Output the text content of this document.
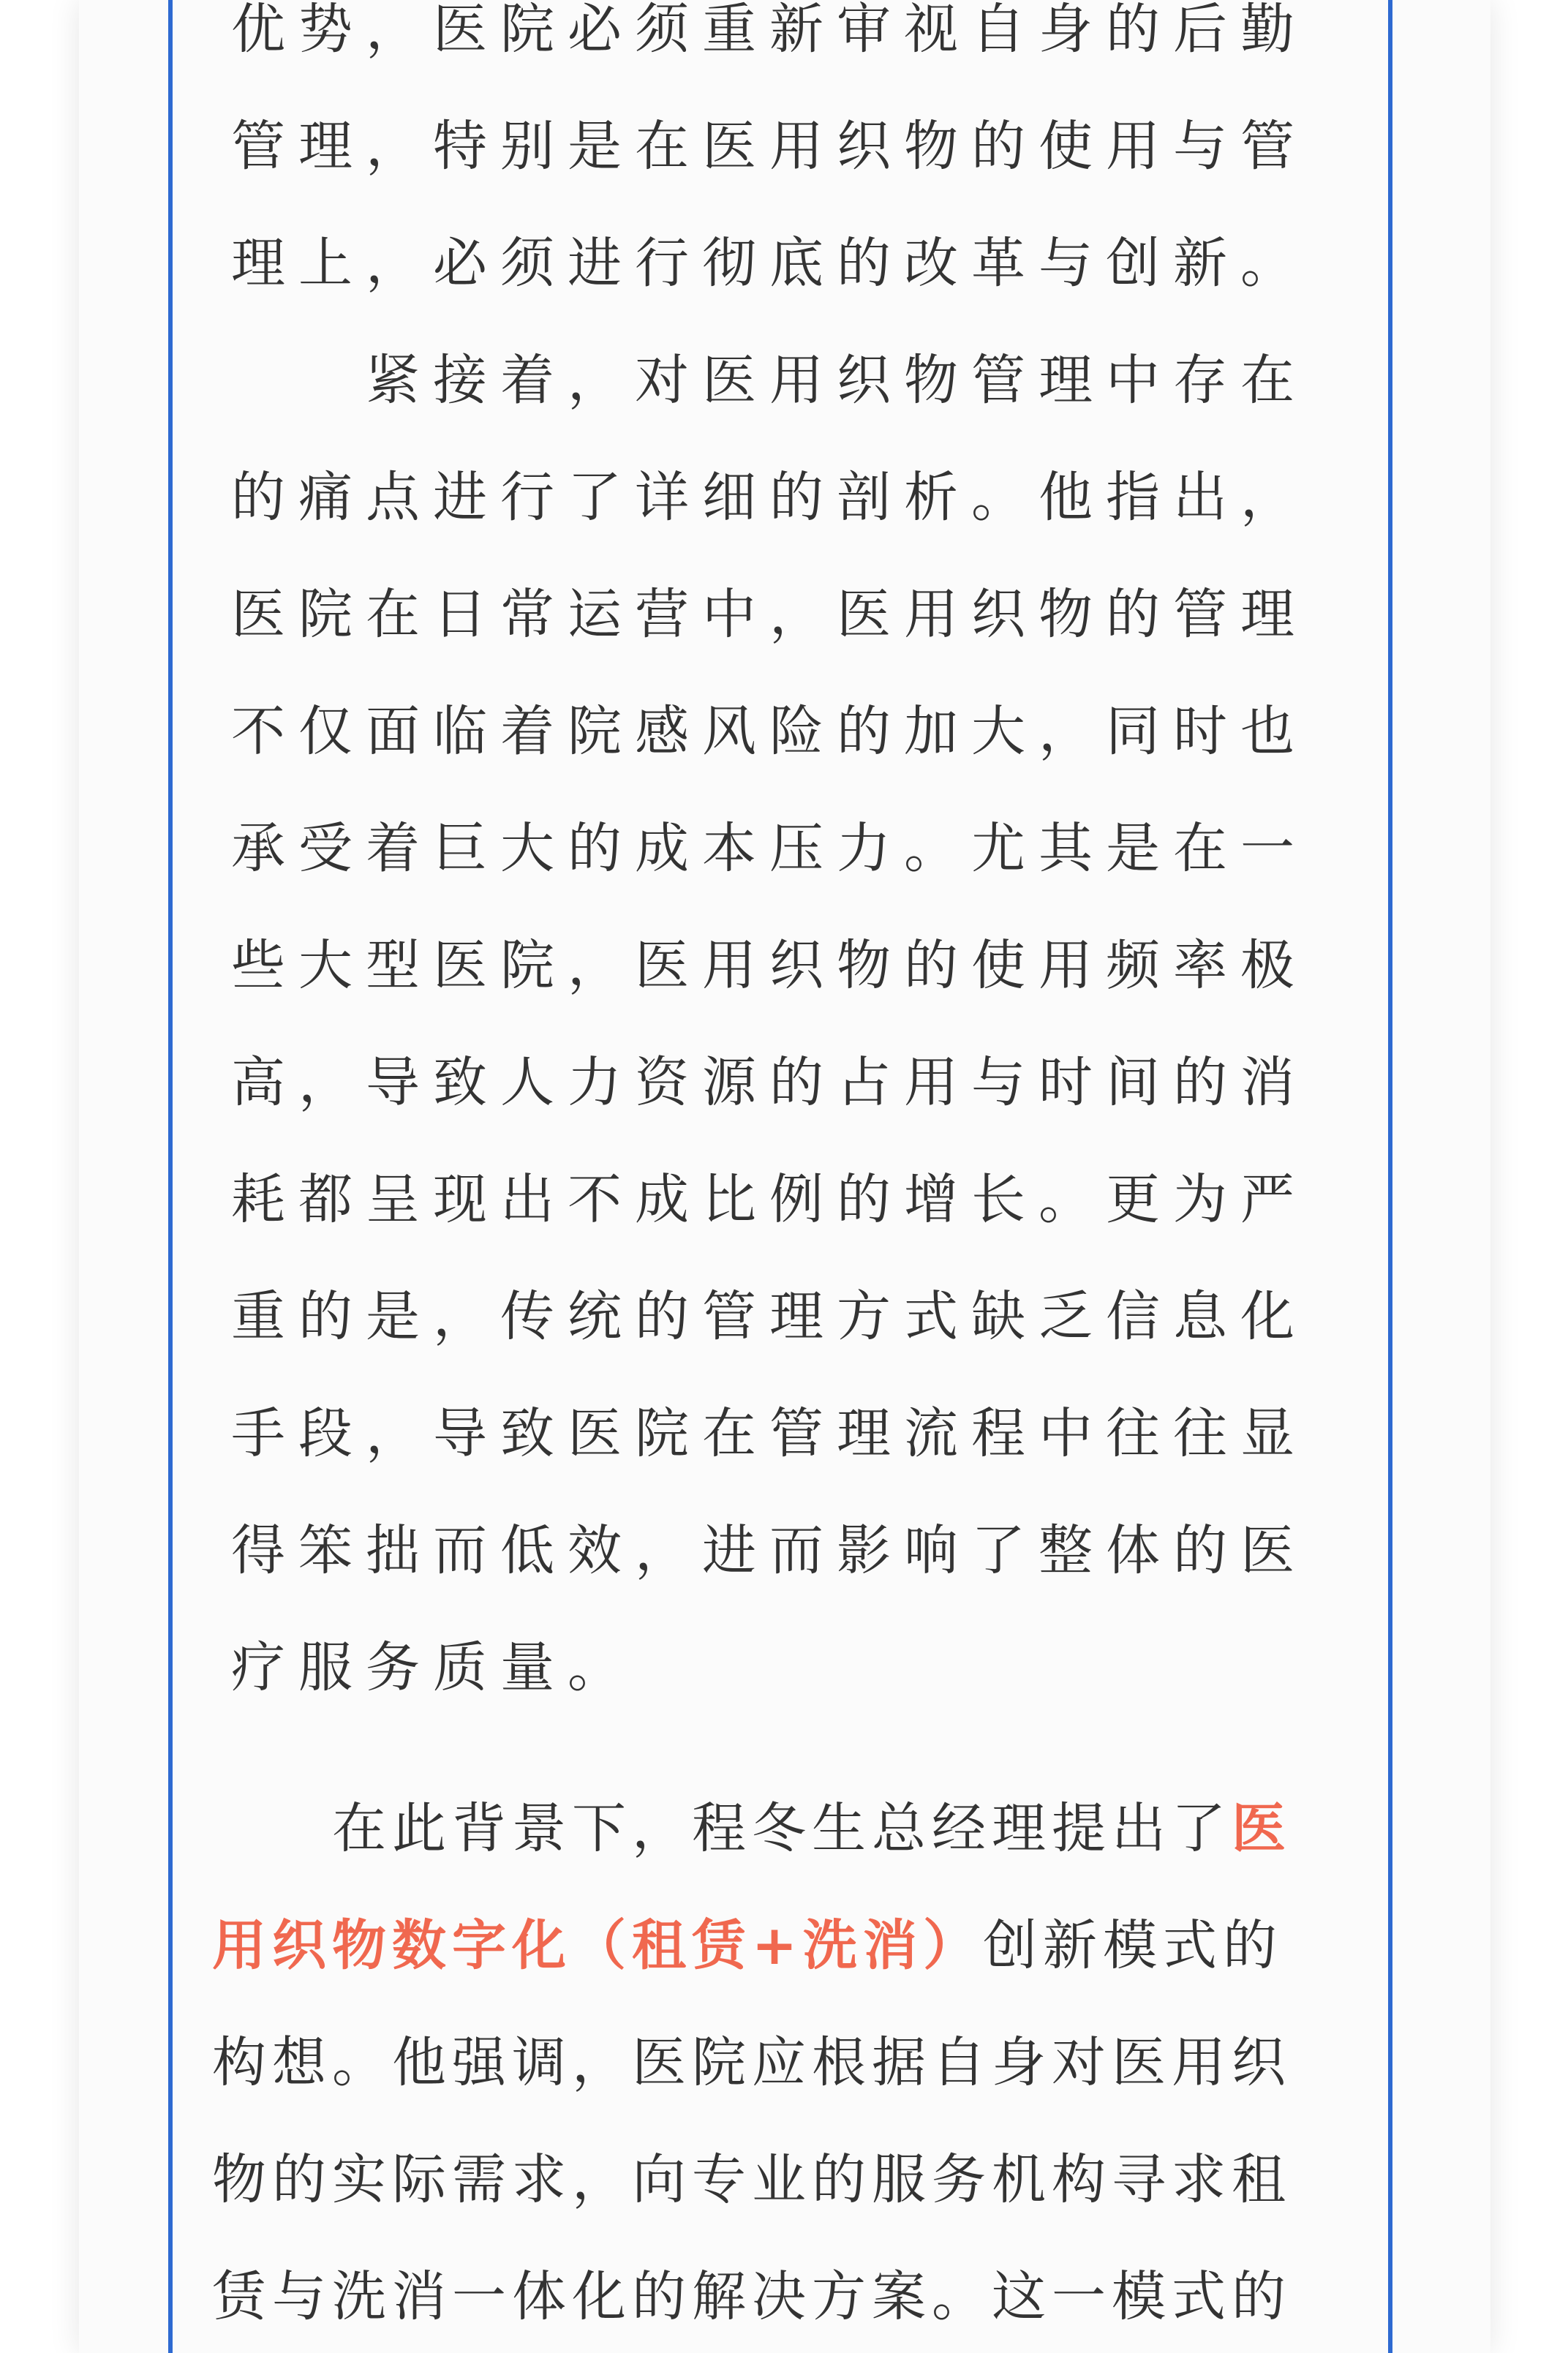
优势，医院必须重新审视自身的后勤
管理，特别是在医用织物的使用与管
理上，必须进行彻底的改革与创新。
　　紧接着，对医用织物管理中存在
的痛点进行了详细的剖析。他指出，
医院在日常运营中，医用织物的管理
不仅面临着院感风险的加大，同时也
承受着巨大的成本压力。尤其是在一
些大型医院，医用织物的使用频率极
高，导致人力资源的占用与时间的消
耗都呈现出不成比例的增长。更为严
重的是，传统的管理方式缺乏信息化
手段，导致医院在管理流程中往往显
得笨拙而低效，进而影响了整体的医
疗服务质量。
　　在此背景下，程冬生总经理提出了医
用织物数字化（租赁+洗消）创新模式的
构想。他强调，医院应根据自身对医用织
物的实际需求，向专业的服务机构寻求租
赁与洗消一体化的解决方案。这一模式的
